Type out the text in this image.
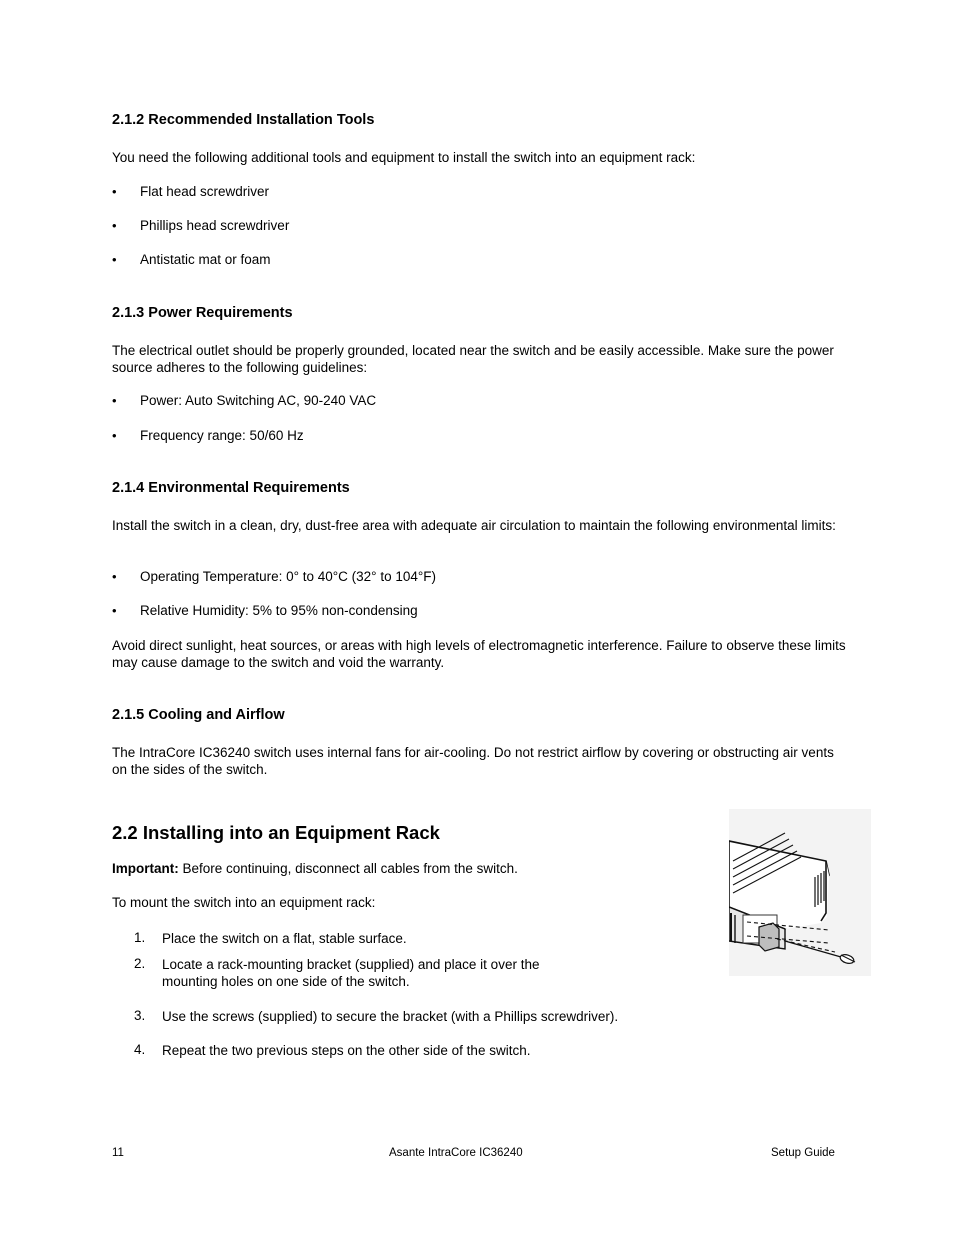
2.1.2 Recommended Installation Tools
You need the following additional tools and equipment to install the switch into an equipment rack:
• Flat head screwdriver
• Phillips head screwdriver
• Antistatic mat or foam
2.1.3 Power Requirements
The electrical outlet should be properly grounded, located near the switch and be easily accessible. Make sure the power source adheres to the following guidelines:
• Power: Auto Switching AC, 90-240 VAC
• Frequency range: 50/60 Hz
2.1.4 Environmental Requirements
Install the switch in a clean, dry, dust-free area with adequate air circulation to maintain the following environmental limits:
• Operating Temperature: 0° to 40°C (32° to 104°F)
• Relative Humidity: 5% to 95% non-condensing
Avoid direct sunlight, heat sources, or areas with high levels of electromagnetic interference. Failure to observe these limits may cause damage to the switch and void the warranty.
2.1.5 Cooling and Airflow
The IntraCore IC36240 switch uses internal fans for air-cooling. Do not restrict airflow by covering or obstructing air vents on the sides of the switch.
2.2 Installing into an Equipment Rack
Important: Before continuing, disconnect all cables from the switch.
To mount the switch into an equipment rack:
1.	Place the switch on a flat, stable surface.
2.	Locate a rack-mounting bracket (supplied) and place it over the mounting holes on one side of the switch.
3.	Use the screws (supplied) to secure the bracket (with a Phillips screwdriver).
4.	Repeat the two previous steps on the other side of the switch.
11	Asante IntraCore IC36240	Setup Guide
